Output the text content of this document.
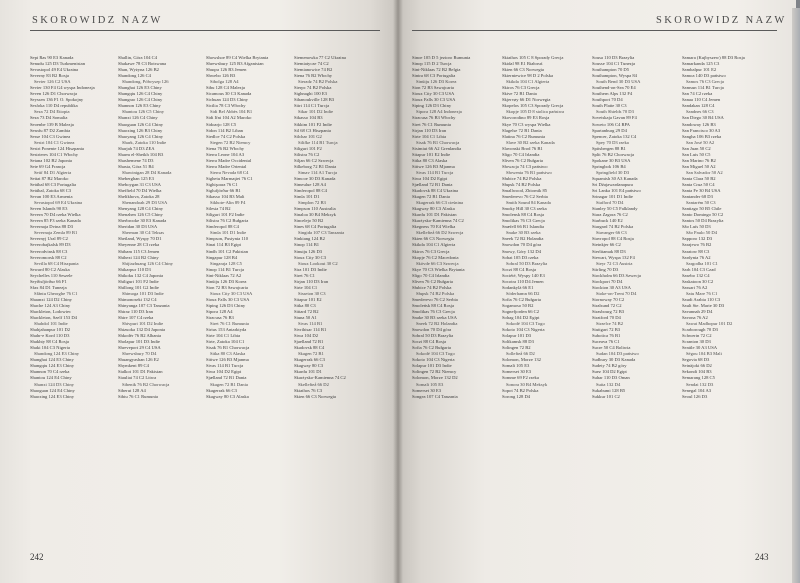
SKOROWIDZ NAZW
Sepi Ras 90 E3 Kanada
Senudu 125 D3 Turkmenistan
Sevastopol 49 E4 Ukraina
Severny 83 B2 Rosja
Sevier 126 C2 USA
Sevier 130 F4 G4 wyspa Indonezja
Seven 126 D1 Chorwacja
Seyssen 136 F1 O. Spokojny
Sesfoka 110 D4 republika
Seza 72 D4 Etiopia
Seza 73 D4 Somalia
Seoenbe 139 B Malezja
Sesnfu 87 D2 Zambia
Sesse 104 C3 Gwinea
Sestri 104 C1 Gwinea
Sestri Ponente 124 Hiszpania
Sestrieres 104 C1 Włochy
Setana 102 B2 Japonia
Sete 69 G4 Francja
Setif 84 D1 Algieria
Settat 87 B2 Maroko
Setúbal 68 C3 Portugalia
Setúbal, Zatoka 68 C3
Sevan 100 E3 Armenia
Sevastopol 69 E4 Ukraina
Seven Islands 90 E3
Severn 70 D4 rzeka Wielka
Severn 85 F3 rzeka Kanada
Severnaja Dvina 88 D3
Severnaja Zemla 89 B1
Severnyj Ural 89 C2
Severobajkalsk 89 D3
Severodvinsk 88 C3
Severomorsk 88 C2
Sevilla 68 C4 Hiszpania
Seward 80 C2 Alaska
Seychelles 110 Seszele
Seyðisfjörður 66 F1
Sfax 84 D1 Tunezja
Sfântu Gheorghe 76 C1
Shaanxi 124 D2 Chiny
Shache 124 A3 Chiny
Shackleton, Lodowiec
Shackleton, Szelf 153 D4
Shahdol 101 Indie
Shahjahanpur 101 D2
Shahr-e Kord 110 D3
Shakhty 88 C4 Rosja
Shaki 104 C3 Nigeria
Shandong 124 E3 Chiny
Shanghai 124 E3 Chiny
Shangqiu 124 E3 Chiny
Shannon 70 C4 rzeka
Shantou 124 E4 Chiny
Shanxi 124 D3 Chiny
Shaoguan 124 E4 Chiny
Shaoxing 124 E3 Chiny
Shallin, Góra 104 C4
Shakawe 78 C3 Botswana
Shan, Wyżyna 126 B2
Shandong 126 C4
Shandong, Półwysep 126
Shanghai 126 E3 Chiny
Shangqiu 126 C4 Chiny
Shangrao 126 C4 Chiny
Shannon 126 E3 Chiny
Shantou 126 C5 Chiny
Shanxi 126 C4 Chiny
Shaoguan 126 C4 Chiny
Shaoxing 126 B3 Chiny
Shaoyang 126 C4 Chiny
Shark, Zatoka 110 Indie
Sharjah 74 D3 ZEA
Sharm el-Sheikh 104 B3
Shashemene 74 D3
Shasta, Góra 51 B4
Shawinigan 28 D4 Kanada
Sheberghan 125 E3
Sheboygan 31 C3 USA
Sheffield 70 D4 Wielka
Shelikhova, Zatoka 28
Shenandoah 29 D3 USA
Shenyang 128 C4 Chiny
Shenzhen 126 C5 Chiny
Sherbrooke 30 E3 Kanada
Sheridan 30 D3 USA
Sherman 30 C4 Teksas
Shetland, Wyspy 70 D1
Sheyenne 28 C3 rzeka
Shibam 115 C3 Jemen
Shihezi 124 B2 Chiny
Shijiazhuang 126 C4 Chiny
Shikarpur 110 D3
Shikoku 132 C4 Japonia
Shiliguri 101 F2 Indie
Shillong 101 G2 Indie
Shimoga 101 D3 Indie
Shimonoseki 132 C4
Shinyanga 107 C3 Tanzania
Shiraz 110 D3 Iran
Shire 107 C4 rzeka
Shivpuri 101 D2 Indie
Shizuoka 132 D4 Japonia
Shkodër 76 B2 Albania
Sholapur 101 D3 Indie
Shreveport 29 C4 USA
Shrewsbury 70 D4
Shuangyashan 126 E2
Shymkent 89 C4
Sialkot 101 D1 Pakistan
Siauliai 74 C2 Litwa
Sibenik 76 B2 Chorwacja
Siberut 128 A4
Sibiu 76 C1 Rumunia
Showshoe 89 C4 Wielka Brytania
Shrewsbury 125 B3 Afganistan
Shuqra 126 B3 Jemen
Shwebo 126 B3
Sibolga 128 A4
Sibu 128 C4 Malezja
Sicamous 30 C3 Kanada
Sichuan 124 D3 Chiny
Sicilia 78 C3 Włochy
Sidi Bel Abbès 104 B1
Sidi Ifni 104 A2 Maroko
Sidoarjo 128 C5
Sidon 114 B2 Liban
Siedlce 74 C2 Polska
Siegen 72 B2 Niemcy
Siena 76 B2 Włochy
Sierra Leone 104 A3
Sierra Madre Occidental
Sierra Madre Oriental
Sierra Nevada 68 C4
Sighetu Marmaţiei 76 C1
Sighişoara 76 C1
Siglufjörður 66 B1
Sikasso 104 B3 Mali
Sikhote-Alin 89 F4
Silesia 74 B2
Siliguri 101 F2 Indie
Silistra 76 C2 Bułgaria
Simferopol 88 C4
Simla 101 D1 Indie
Simpson, Pustynia 110
Sinai 114 B3 Egipt
Sindh 101 C2 Pakistan
Singapur 128 B4
Singaraja 128 C5
Sinop 114 B1 Turcja
Sint-Niklaas 72 A2
Sinŭiju 126 D3 Korea
Sion 72 B3 Szwajcaria
Sioux City 30 C3 USA
Sioux Falls 30 C3 USA
Siping 126 D3 Chiny
Sipora 128 A4
Siracusa 76 B3
Siret 76 C1 Rumunia
Sirius 153 Antarktyda
Sirte 104 C1 Libia
Sirte, Zatoka 104 C1
Sisak 76 B1 Chorwacja
Sitka 80 C3 Alaska
Sittwe 126 B3 Mjanma
Sivas 114 B1 Turcja
Siwa 104 D2 Egipt
Sjælland 72 B1 Dania
Skagen 72 B1 Dania
Skagerrak 66 C3
Skagway 80 C3 Alaska
Siemenowka 77 C2 Ukraina
Siemiatycze 74 C2
Siemianowice 74 B2
Siena 76 B2 Włochy
Sieradz 74 B2 Polska
Sierpc 74 B2 Polska
Sighnaghi 100 E3
Sihanoukville 128 B3
Siirt 114 C1 Turcja
Sikar 101 D2 Indie
Sikasso 104 B3
Sikkim 101 F2 Indie
Sil 68 C3 Hiszpania
Silchar 101 G2
Silifke 114 B1 Turcja
Siliguri 101 F2
Silistra 76 C2
Siljan 66 C2 Szwecja
Silkeborg 72 B1 Dania
Simav 114 A1 Turcja
Simcoe 30 D3 Kanada
Simeulue 128 A4
Simferopol 88 C4
Simla 101 D1
Simplon 72 B3
Simpson 110 Australia
Sinaloa 30 B4 Meksyk
Sincelejo 50 B2
Sines 68 C4 Portugalia
Singida 107 C3 Tanzania
Sinkiang 124 B2
Sinop 114 B1
Sinuiju 126 D3
Sioux City 30 C3
Sioux Lookout 30 C2
Sira 101 D3 Indie
Siret 76 C1
Sirjan 110 D3 Iran
Sirte 104 C1
Sisseton 30 C3
Sitapur 101 E2
Sitka 80 C3
Sittard 72 B2
Siuna 50 A1
Sivas 114 B1
Sivrihisar 114 B1
Siwa 104 D2
Sjaelland 72 B1
Skadovsk 88 C4
Skagen 72 B1
Skagerrak 66 C3
Skagway 80 C3
Skardu 101 D1
Skarżysko-Kamienna 74 C2
Skellefteå 66 D2
Skiathos 76 C3
Skien 66 C3 Norwegia
242
SKOROWIDZ NAZW
Sinoe 105 D 5 jezioro Rumunia
Sinop 115 D 2 Turcja
Sint-Niklaas 72 B2 Belgia
Sintra 68 C3 Portugalia
Sinŭiju 126 D3 Korea
Sion 72 B3 Szwajcaria
Sioux City 30 C3 USA
Sioux Falls 30 C3 USA
Siping 126 D3 Chiny
Sipora 128 A4 Indonezja
Siracusa 76 B3 Włochy
Siret 76 C1 Rumunia
Sirjan 110 D3 Iran
Sirte 104 C1 Libia
Sisak 76 B1 Chorwacja
Sisimiut 66 A2 Grenlandia
Sitapur 101 E2 Indie
Sitka 80 C3 Alaska
Sittwe 126 B3 Mjanma
Sivas 114 B1 Turcja
Siwa 104 D2 Egipt
Sjælland 72 B1 Dania
Skadovsk 88 C4 Ukraina
Skagen 72 B1 Dania
Skagerrak 66 C3 cieśnina
Skagway 80 C3 Alaska
Skardu 101 D1 Pakistan
Skarżysko-Kamienna 74 C2
Skegness 70 E4 Wielka
Skellefteå 66 D2 Szwecja
Skien 66 C3 Norwegia
Skikda 104 C1 Algieria
Skiros 76 C3 Grecja
Skopje 76 C2 Macedonia
Skövde 66 C3 Szwecja
Skye 70 C3 Wielka Brytania
Sligo 70 C4 Irlandia
Sliven 76 C2 Bułgaria
Słubice 74 B2 Polska
Słupsk 74 B2 Polska
Smederevo 76 C2 Serbia
Smoleńsk 88 C4 Rosja
Smolikas 76 C3 Grecja
Snake 30 B3 rzeka USA
Sneek 72 B2 Holandia
Snowdon 70 D4 góra
Sobral 50 D3 Brazylia
Soczi 88 C4 Rosja
Sofia 76 C2 Bułgaria
Sokodé 104 C3 Togo
Sokoto 104 C3 Nigeria
Solapur 101 D3 Indie
Solingen 72 B2 Niemcy
Solomon, Morze 132 D2
Somali 105 E3
Somerset 30 E3
Songea 107 C4 Tanzania
Skiathos 105 C 8 Sporady Grecja
Skidal 98 E1 Białoruś
Skien 66 C3 Norwegia
Skierniewice 98 D 2 Polska
Skikda 104 C1 Algieria
Skiros 76 C3 Grecja
Skive 72 B1 Dania
Skjervøy 66 D1 Norwegia
Skopelos 105 C3 Sporady Grecja
Skopje 105 D 8 stolica państwa
Skovorodino 89 E3 Rosja
Skye 70 C3 wyspa Wielka
Slagelse 72 B1 Dania
Slatina 76 C2 Rumunia
Slave 30 B2 rzeka Kanada
Slavonski Brod 76 B1
Sligo 70 C4 Irlandia
Sliven 76 C2 Bułgaria
Słowacja 74 C3 państwo
Słowenia 76 B1 państwo
Słubice 74 B2 Polska
Słupsk 74 B2 Polska
Smallwood, Zbiornik 85
Smederevo 76 C2 Serbia
Smith Sound 84 Kanada
Smoky Hill 30 C3 rzeka
Smolensk 88 C4 Rosja
Smolikas 76 C3 Grecja
Snæfell 66 B1 Islandia
Snake 30 B3 rzeka
Sneek 72 B2 Holandia
Snowdon 70 D4 góra
Snowy, Góry 132 D4
Sobat 105 D3 rzeka
Sobral 50 D3 Brazylia
Soczi 88 C4 Rosja
Société, Wyspy 140 E3
Socotra 110 D4 Jemen
Sodankylä 66 E1
Söderhamn 66 D2
Sofia 76 C2 Bułgaria
Sogamoso 50 B2
Sognefjorden 66 C2
Sohag 104 D2 Egipt
Sokodé 104 C3 Togo
Sokoto 104 C3 Nigeria
Solapur 101 D3
Solikamsk 88 D3
Solingen 72 B2
Sollefteå 66 D2
Solomon, Morze 132
Somali 105 E3
Somerset 30 E3
Somme 69 F2 rzeka
Sonora 30 B4 Meksyk
Sopot 74 B2 Polska
Sorong 128 D4
Sousa 110 D3 Brazylia
Sousse 104 C1 Tunezja
Southampton 70 D5
Southampton, Wyspa 84
South Bend 30 D3 USA
Southend-on-Sea 70 E4
Southern Alps 132 F4
Southport 70 D4
South Platte 30 C3
South Shields 70 D3
Sovetskaja Gavan 89 F4
Soweto 106 C4 RPA
Spartanburg 29 D4
Spencer, Zatoka 132 C4
Spey 70 D3 rzeka
Spitsbergen 88 B1
Split 76 B2 Chorwacja
Spokane 30 B3 USA
Springbok 106 B4
Springfield 30 D3
Squamish 30 A3 Kanada
Sri Dźajawardanapura
Sri Lanka 101 E4 państwo
Srinagar 101 D1 Indie
Stafford 70 D4
Stanley 50 C5 Falklandy
Stara Zagora 76 C2
Starbuck 140 E2
Stargard 74 B2 Polska
Stavanger 66 C3
Stavropol 88 C4 Rosja
Steinkjer 66 C2
Sterlitamak 88 D3
Stewart, Wyspa 132 F4
Steyr 72 C3 Austria
Stirling 70 D3
Stockholm 66 D3 Szwecja
Stockport 70 D4
Stockton 30 A3 USA
Stoke-on-Trent 70 D4
Stornoway 70 C2
Stralsund 72 C2
Strasbourg 72 B3
Stratford 70 D4
Strzelce 74 B2
Stuttgart 72 B3
Subotica 76 B1
Suceava 76 C1
Sucre 50 C4 Boliwia
Sudan 104 D3 państwo
Sudbury 30 D3 Kanada
Sudety 74 B2 góry
Suez 104 D2 Egipt
Suhar 110 D3 Oman
Suita 132 D4
Sukabumi 128 B5
Sukkur 101 C2
Samara (Kujbyszew) 88 D3 Rosja
Samarkanda 125 C3
Sambalpur 101 E2
Samoa 140 D3 państwo
Samos 76 C3 Grecja
Samsun 114 B1 Turcja
San 74 C2 rzeka
Sanaa 110 C4 Jemen
Sandakan 128 C4
Sandnes 66 C3
San Diego 30 B4 USA
Sandoway 126 B3
San Francisco 30 A3
Sangha 106 B3 rzeka
San José 50 A2
San Juan 50 C2
San Luis 50 C5
San Marino 76 B2
San Miguel 50 A2
San Salvador 50 A2
Santa Clara 50 B2
Santa Cruz 50 C4
Santa Fe 30 B4 USA
Santander 68 D3
Santarém 50 C3
Santiago 50 B5 Chile
Santo Domingo 50 C2
Santos 50 D4 Brazylia
São Luís 50 D3
São Paulo 50 D4
Sapporo 132 D3
Sarajewo 76 B2
Saratow 88 C3
Sardynia 76 A2
Sargodha 101 C1
Sarh 104 C3 Czad
Sasebo 132 C4
Saskatoon 30 C2
Sassari 76 A2
Satu Mare 76 C1
Saudi Arabia 110 C3
Sault Ste. Marie 30 D3
Savannah 29 D4
Savona 76 A2
Sawai Madhopur 101 D2
Scarborough 70 D3
Schwerin 72 C2
Scranton 30 D3
Seattle 30 A3 USA
Ségou 104 B3 Mali
Segovia 68 D3
Seinäjoki 66 D2
Sekondi 104 B3
Semarang 128 C5
Sendai 132 D3
Senegal 104 A3
Seoul 126 D3
243
